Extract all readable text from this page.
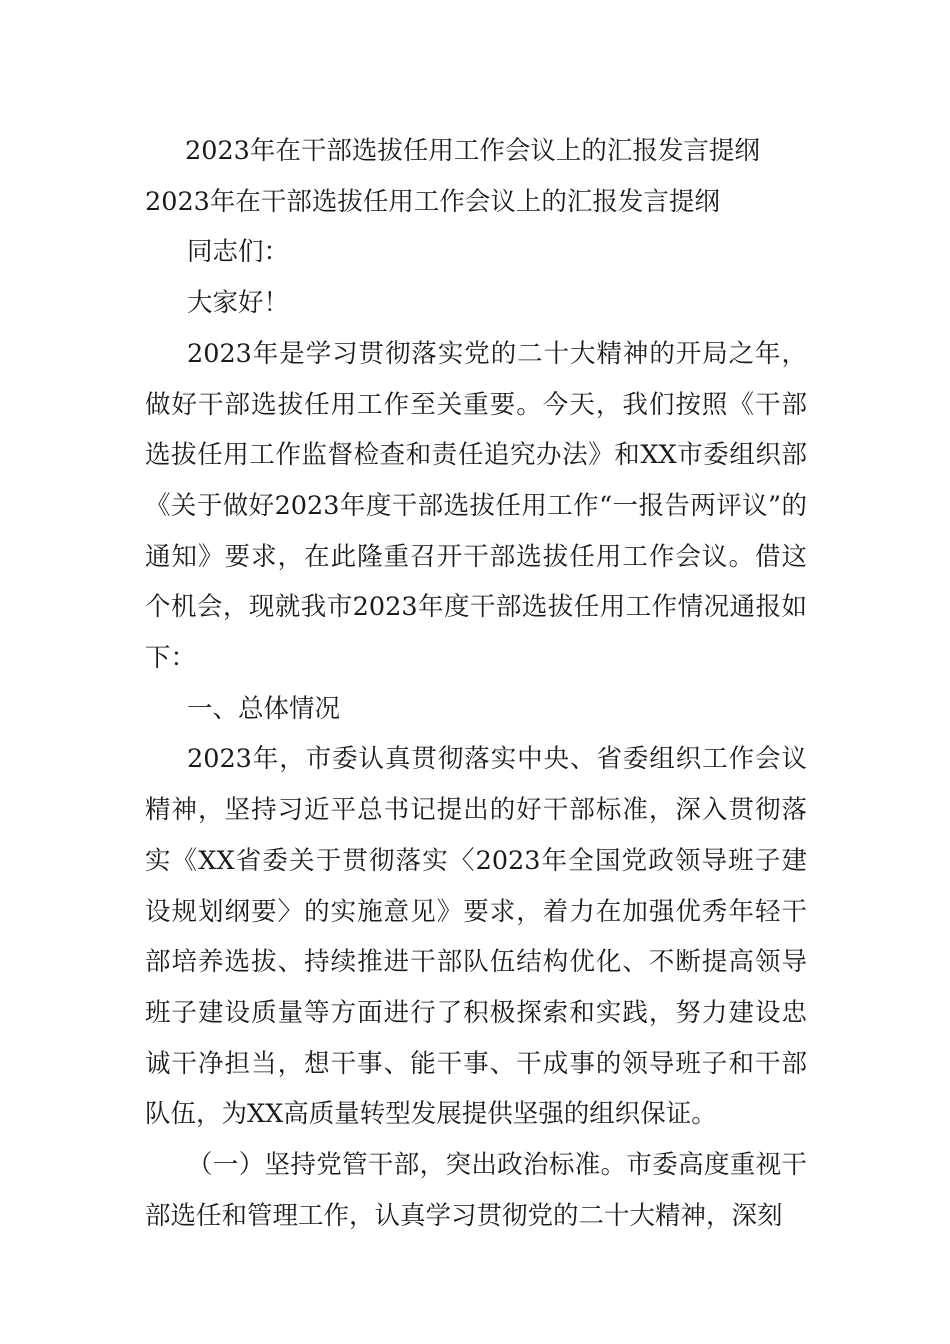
2023年在干部选拔任用工作会议上的汇报发言提纲

2023年在干部选拔任用工作会议上的汇报发言提纲

同志们：

大家好！

2023年是学习贯彻落实党的二十大精神的开局之年，做好干部选拔任用工作至关重要。今天，我们按照《干部选拔任用工作监督检查和责任追究办法》和XX市委组织部《关于做好2023年度干部选拔任用工作“一报告两评议”的通知》要求，在此隆重召开干部选拔任用工作会议。借这个机会，现就我市2023年度干部选拔任用工作情况通报如下：

一、总体情况

2023年，市委认真贯彻落实中央、省委组织工作会议精神，坚持习近平总书记提出的好干部标准，深入贯彻落实《XX省委关于贯彻落实〈2023年全国党政领导班子建设规划纲要〉的实施意见》要求，着力在加强优秀年轻干部培养选拔、持续推进干部队伍结构优化、不断提高领导班子建设质量等方面进行了积极探索和实践，努力建设忠诚干净担当，想干事、能干事、干成事的领导班子和干部队伍，为XX高质量转型发展提供坚强的组织保证。

（一）坚持党管干部，突出政治标准。市委高度重视干部选任和管理工作，认真学习贯彻党的二十大精神，深刻
